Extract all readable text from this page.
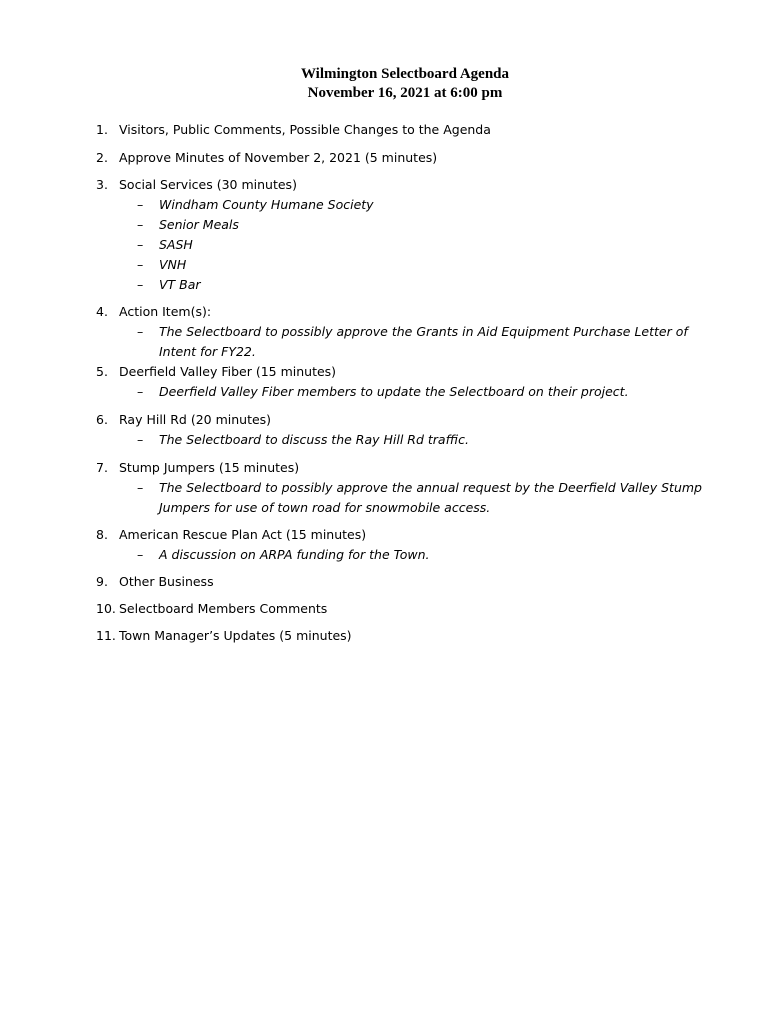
Wilmington Selectboard Agenda
November 16, 2021 at 6:00 pm
1. Visitors, Public Comments, Possible Changes to the Agenda
2. Approve Minutes of November 2, 2021 (5 minutes)
3. Social Services (30 minutes)
– Windham County Humane Society
– Senior Meals
– SASH
– VNH
– VT Bar
4. Action Item(s):
– The Selectboard to possibly approve the Grants in Aid Equipment Purchase Letter of Intent for FY22.
5. Deerfield Valley Fiber (15 minutes)
– Deerfield Valley Fiber members to update the Selectboard on their project.
6. Ray Hill Rd (20 minutes)
– The Selectboard to discuss the Ray Hill Rd traffic.
7. Stump Jumpers (15 minutes)
– The Selectboard to possibly approve the annual request by the Deerfield Valley Stump Jumpers for use of town road for snowmobile access.
8. American Rescue Plan Act (15 minutes)
– A discussion on ARPA funding for the Town.
9. Other Business
10. Selectboard Members Comments
11. Town Manager’s Updates (5 minutes)
